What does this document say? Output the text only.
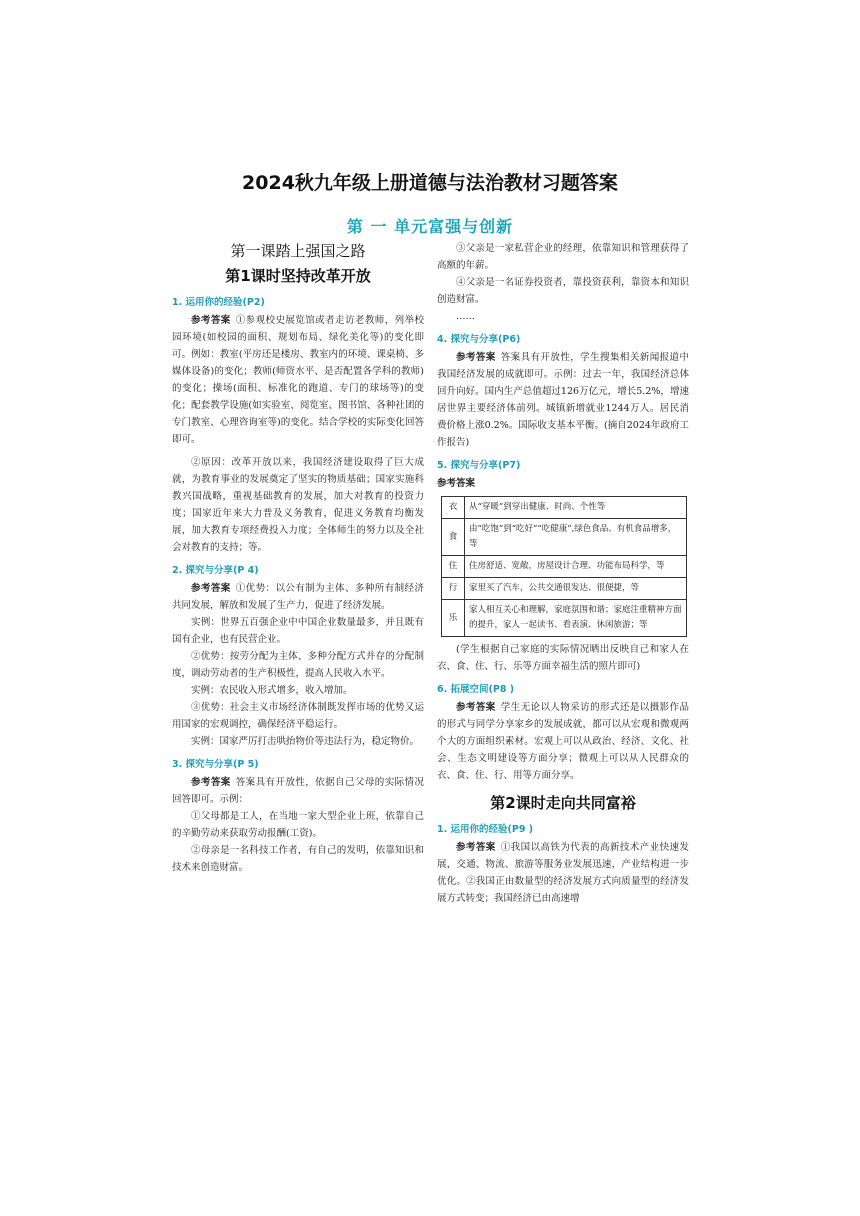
2024秋九年级上册道德与法治教材习题答案
第 一 单元富强与创新
第一课踏上强国之路
第1课时坚持改革开放
1. 运用你的经验(P2)

参考答案 ①参观校史展览馆或者走访老教师，列举校园环境(如校园的面积、规划布局、绿化美化等)的变化即可。例如：教室(平房还是楼房、教室内的环境、课桌椅、多媒体设备)的变化；教师(师资水平、是否配置各学科的教师)的变化；操场(面积、标准化的跑道、专门的球场等)的变化；配套教学设施(如实验室、阅览室、图书馆、各种社团的专门教室、心理咨询室等)的变化。结合学校的实际变化回答即可。

②原因：改革开放以来，我国经济建设取得了巨大成就，为教育事业的发展奠定了坚实的物质基础；国家实施科教兴国战略，重视基础教育的发展，加大对教育的投资力度；国家近年来大力普及义务教育，促进义务教育均衡发展，加大教育专项经费投入力度；全体师生的努力以及全社会对教育的支持；等。

2. 探究与分享(P 4)

参考答案 ①优势：以公有制为主体、多种所有制经济共同发展，解放和发展了生产力，促进了经济发展。

实例：世界五百强企业中中国企业数量最多，并且既有国有企业，也有民营企业。

②优势：按劳分配为主体、多种分配方式并存的分配制度，调动劳动者的生产积极性，提高人民收入水平。

实例：农民收入形式增多，收入增加。

③优势：社会主义市场经济体制既发挥市场的优势又运用国家的宏观调控，确保经济平稳运行。

实例：国家严厉打击哄抬物价等违法行为，稳定物价。

3. 探究与分享(P 5)

参考答案 答案具有开放性，依据自己父母的实际情况回答即可。示例：

①父母都是工人，在当地一家大型企业上班，依靠自己的辛勤劳动来获取劳动报酬(工资)。

②母亲是一名科技工作者，有自己的发明，依靠知识和技术来创造财富。

③父亲是一家私营企业的经理，依靠知识和管理获得了高额的年薪。

④父亲是一名证券投资者，靠投资获利，靠资本和知识创造财富。

……

4. 探究与分享(P6)

参考答案 答案具有开放性，学生搜集相关新闻报道中我国经济发展的成就即可。示例：过去一年，我国经济总体回升向好。国内生产总值超过126万亿元，增长5.2%，增速居世界主要经济体前列。城镇新增就业1244万人。居民消费价格上涨0.2%。国际收支基本平衡。(摘自2024年政府工作报告)

5. 探究与分享(P7)

参考答案

衣	从“穿暖”到穿出健康、时尚、个性等
食	由“吃饱”到“吃好”“吃健康”,绿色食品、有机食品增多，等
住	住房舒适、宽敞，房屋设计合理、功能布局科学，等
行	家里买了汽车，公共交通很发达、很便捷，等
乐	家人相互关心和理解，家庭氛围和谐；家庭注重精神方面的提升，家人一起读书、看表演、休闲旅游；等

(学生根据自己家庭的实际情况晒出反映自己和家人在衣、食、住、行、乐等方面幸福生活的照片即可)

6. 拓展空间(P8 )

参考答案 学生无论以人物采访的形式还是以摄影作品的形式与同学分享家乡的发展成就，都可以从宏观和微观两个大的方面组织素材。宏观上可以从政治、经济、文化、社会、生态文明建设等方面分享；微观上可以从人民群众的衣、食、住、行、用等方面分享。

第2课时走向共同富裕
1. 运用你的经验(P9 )

参考答案 ①我国以高铁为代表的高新技术产业快速发展，交通、物流、旅游等服务业发展迅速，产业结构进一步优化。②我国正由数量型的经济发展方式向质量型的经济发展方式转变；我国经济已由高速增
